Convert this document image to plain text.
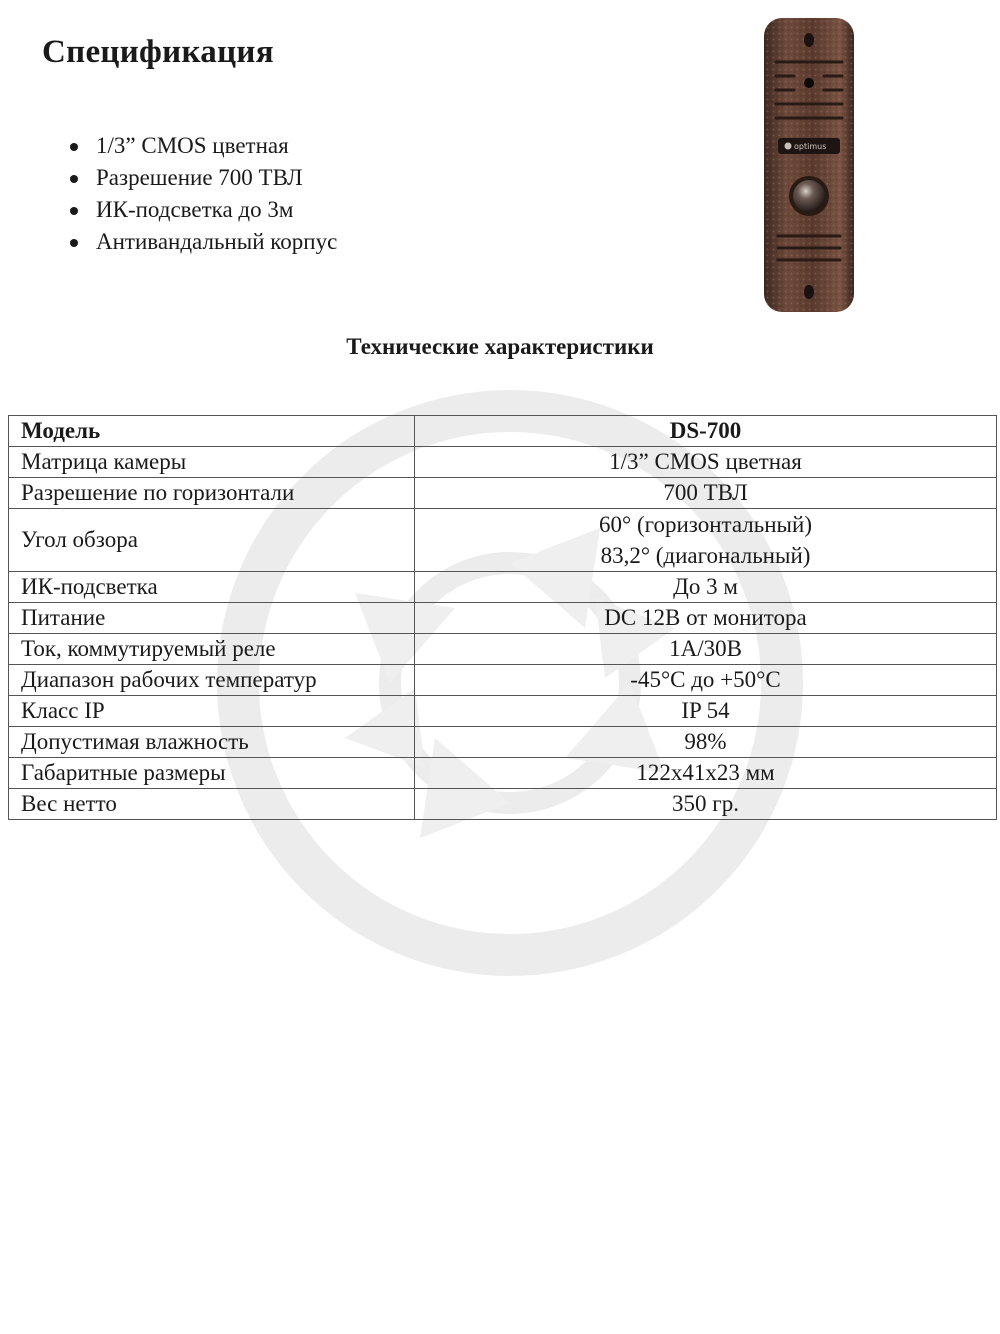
Спецификация
1/3” CMOS цветная
Разрешение 700 ТВЛ
ИК-подсветка до 3м
Антивандальный корпус
optimus
Технические характеристики
Модель	DS-700
Матрица камеры	1/3” CMOS цветная
Разрешение по горизонтали	700 ТВЛ
Угол обзора	60° (горизонтальный)
83,2° (диагональный)

ИК-подсветка	До 3 м
Питание	DC 12В от монитора
Ток, коммутируемый реле	1А/30В
Диапазон рабочих температур	-45°С до +50°С
Класс IP	IP 54
Допустимая влажность	98%
Габаритные размеры	122x41x23 мм
Вес нетто	350 гр.
